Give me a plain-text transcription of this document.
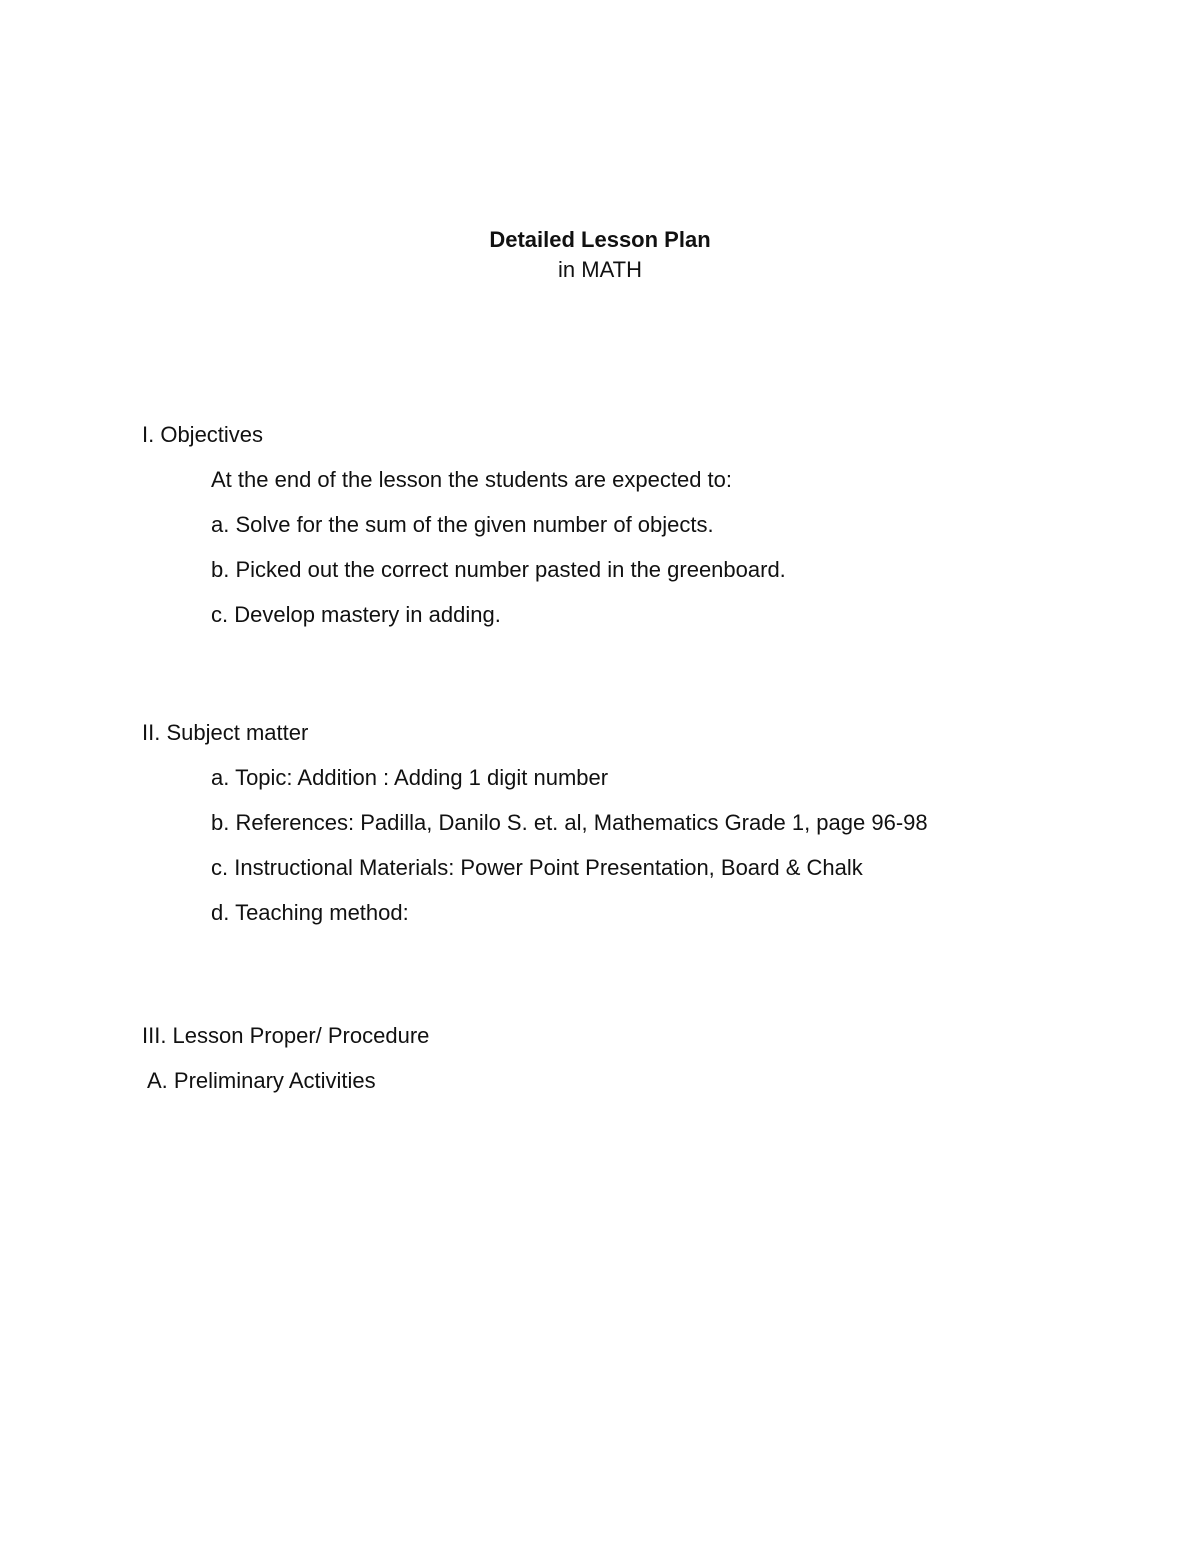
Detailed Lesson Plan
in MATH

I. Objectives

At the end of the lesson the students are expected to:

a. Solve for the sum of the given number of objects.

b. Picked out the correct number pasted in the greenboard.

c. Develop mastery in adding.

II. Subject matter

a. Topic: Addition : Adding 1 digit number

b. References: Padilla, Danilo S. et. al, Mathematics Grade 1, page 96-98

c. Instructional Materials: Power Point Presentation, Board & Chalk

d. Teaching method:

III. Lesson Proper/ Procedure

A. Preliminary Activities
